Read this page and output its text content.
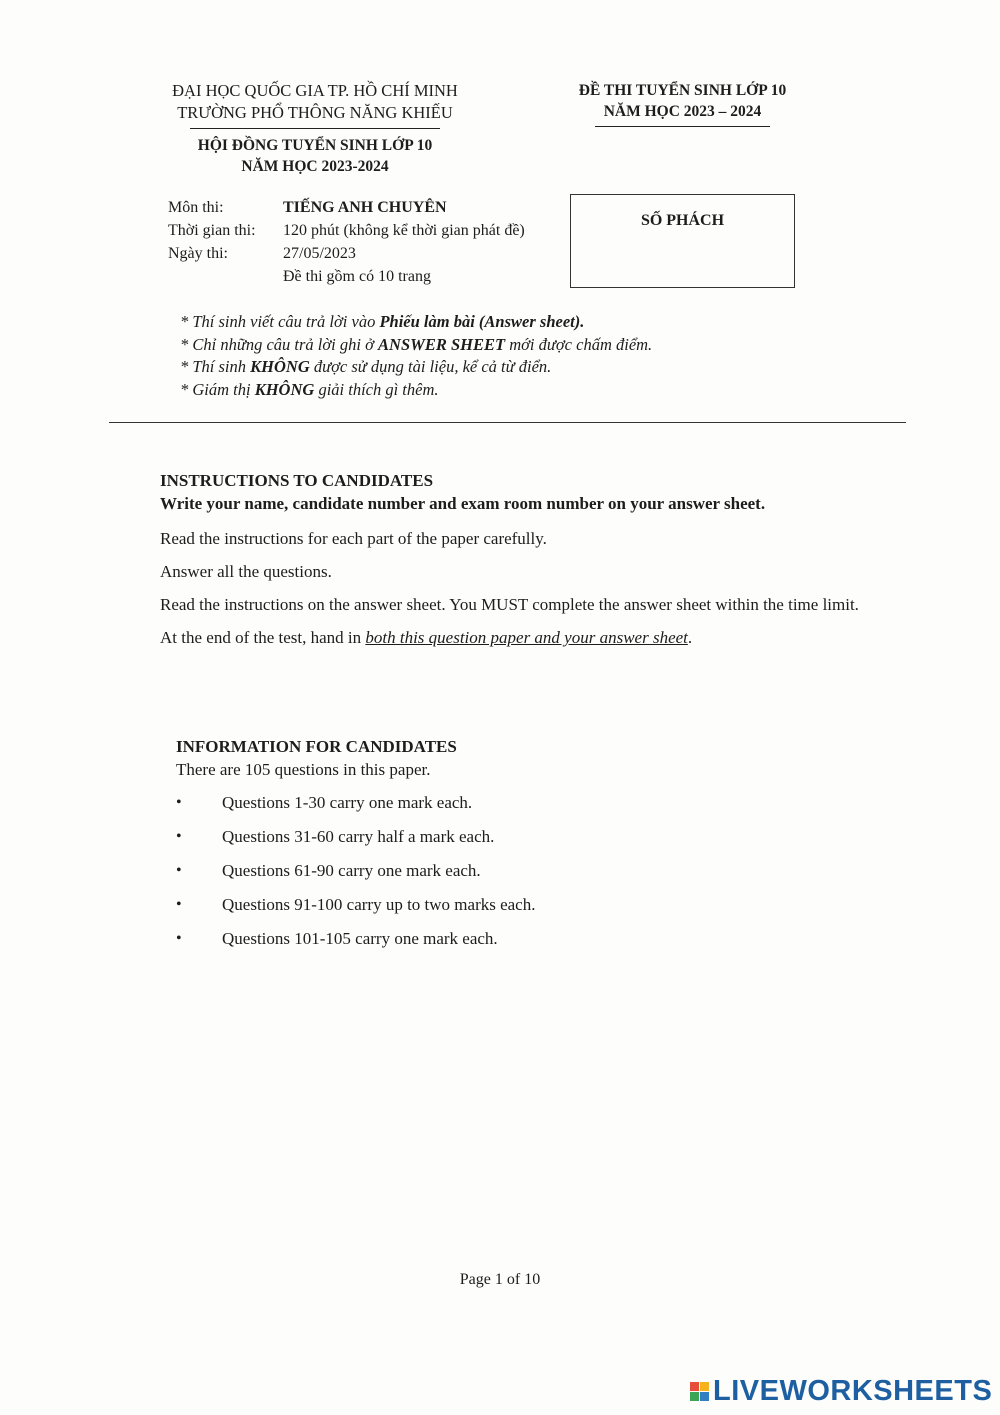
ĐẠI HỌC QUỐC GIA TP. HỒ CHÍ MINH
TRƯỜNG PHỔ THÔNG NĂNG KHIẾU
HỘI ĐỒNG TUYỂN SINH LỚP 10
NĂM HỌC 2023-2024
ĐỀ THI TUYỂN SINH LỚP 10
NĂM HỌC 2023 – 2024
Môn thi:	TIẾNG ANH CHUYÊN
Thời gian thi:	120 phút (không kể thời gian phát đề)
Ngày thi:	27/05/2023
Đề thi gồm có 10 trang
SỐ PHÁCH
* Thí sinh viết câu trả lời vào Phiếu làm bài (Answer sheet).
* Chỉ những câu trả lời ghi ở ANSWER SHEET mới được chấm điểm.
* Thí sinh KHÔNG được sử dụng tài liệu, kể cả từ điển.
* Giám thị KHÔNG giải thích gì thêm.
INSTRUCTIONS TO CANDIDATES
Write your name, candidate number and exam room number on your answer sheet.

Read the instructions for each part of the paper carefully.

Answer all the questions.

Read the instructions on the answer sheet. You MUST complete the answer sheet within the time limit.

At the end of the test, hand in both this question paper and your answer sheet.

INFORMATION FOR CANDIDATES
There are 105 questions in this paper.
•	Questions 1-30 carry one mark each.
•	Questions 31-60 carry half a mark each.
•	Questions 61-90 carry one mark each.
•	Questions 91-100 carry up to two marks each.
•	Questions 101-105 carry one mark each.
Page 1 of 10
LIVEWORKSHEETS
